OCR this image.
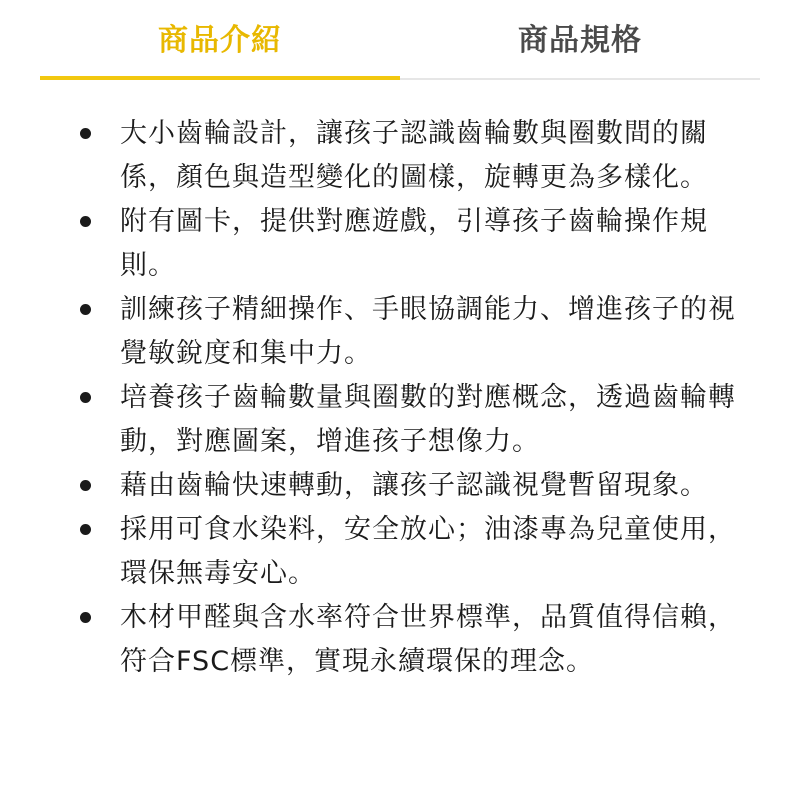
商品介紹	商品規格
大小齒輪設計，讓孩子認識齒輪數與圈數間的關係，顏色與造型變化的圖樣，旋轉更為多樣化。
附有圖卡，提供對應遊戲，引導孩子齒輪操作規則。
訓練孩子精細操作、手眼協調能力、增進孩子的視覺敏銳度和集中力。
培養孩子齒輪數量與圈數的對應概念，透過齒輪轉動，對應圖案，增進孩子想像力。
藉由齒輪快速轉動，讓孩子認識視覺暫留現象。
採用可食水染料，安全放心；油漆專為兒童使用，環保無毒安心。
木材甲醛與含水率符合世界標準，品質值得信賴，符合FSC標準，實現永續環保的理念。
